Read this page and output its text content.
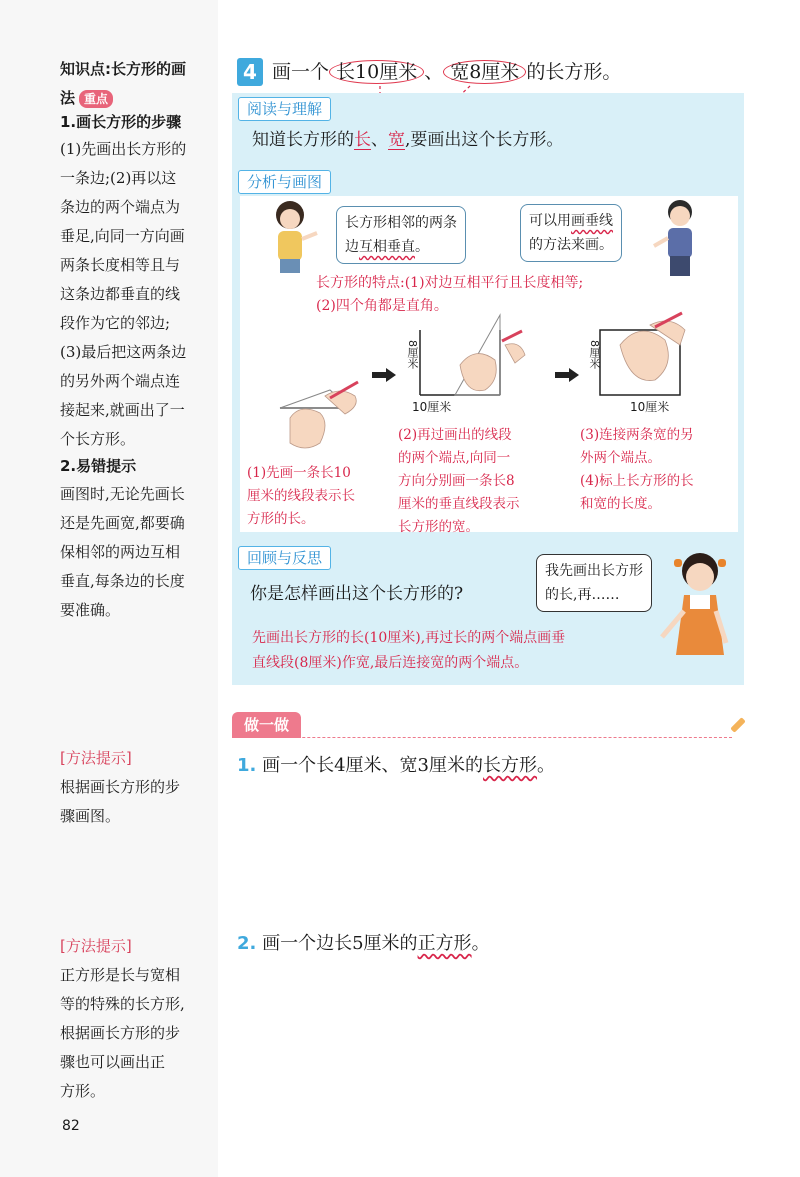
知识点:长方形的画
法 重点
1.画长方形的步骤
(1)先画出长方形的
一条边;(2)再以这
条边的两个端点为
垂足,向同一方向画
两条长度相等且与
这条边都垂直的线
段作为它的邻边;
(3)最后把这两条边
的另外两个端点连
接起来,就画出了一
个长方形。
2.易错提示
画图时,无论先画长
还是先画宽,都要确
保相邻的两边互相
垂直,每条边的长度
要准确。
[方法提示]
根据画长方形的步
骤画图。
[方法提示]
正方形是长与宽相
等的特殊的长方形,
根据画长方形的步
骤也可以画出正
方形。
82
4 画一个 长10厘米 、 宽8厘米 的长方形。
阅读与理解
知道长方形的长、宽,要画出这个长方形。
分析与画图
长方形相邻的两条
边互相垂直。
可以用画垂线
的方法来画。
长方形的特点:(1)对边互相平行且长度相等;
(2)四个角都是直角。
8厘米
10厘米
8厘米
10厘米
(1)先画一条长10
厘米的线段表示长
方形的长。
(2)再过画出的线段
的两个端点,向同一
方向分别画一条长8
厘米的垂直线段表示
长方形的宽。
(3)连接两条宽的另
外两个端点。
(4)标上长方形的长
和宽的长度。
回顾与反思
你是怎样画出这个长方形的?
我先画出长方形
的长,再……
先画出长方形的长(10厘米),再过长的两个端点画垂
直线段(8厘米)作宽,最后连接宽的两个端点。
做一做
1. 画一个长4厘米、宽3厘米的长方形。
2. 画一个边长5厘米的正方形。
